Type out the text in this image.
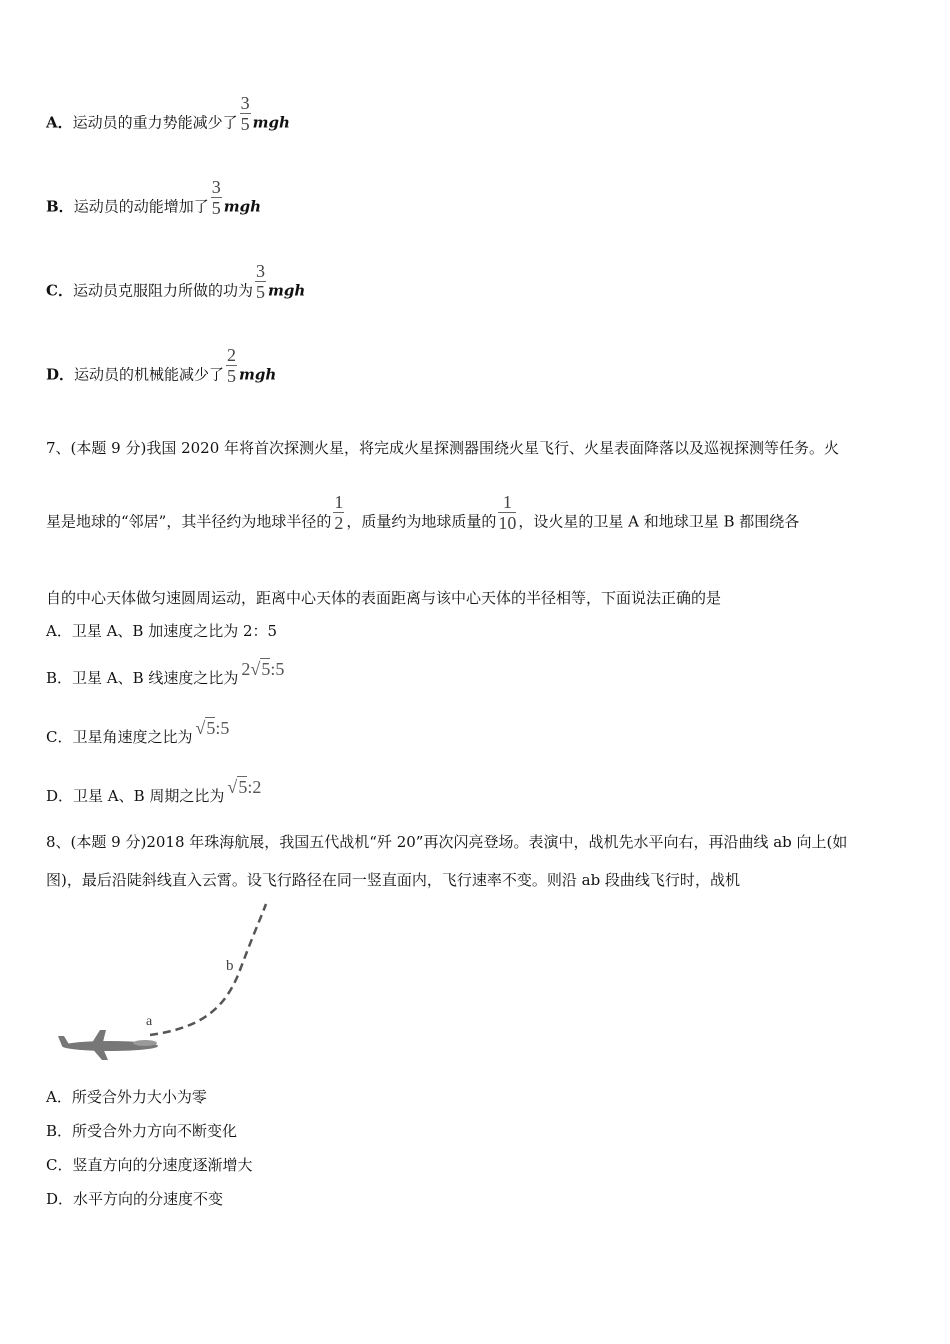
A．运动员的重力势能减少了 $\frac{3}{5}$ mgh
B．运动员的动能增加了 $\frac{3}{5}$ mgh
C．运动员克服阻力所做的功为 $\frac{3}{5}$ mgh
D．运动员的机械能减少了 $\frac{2}{5}$ mgh
7、(本题 9 分)我国 2020 年将首次探测火星，将完成火星探测器围绕火星飞行、火星表面降落以及巡视探测等任务。火
星是地球的“邻居”，其半径约为地球半径的 $\frac{1}{2}$ ，质量约为地球质量的 $\frac{1}{10}$ ，设火星的卫星 A 和地球卫星 B 都围绕各
自的中心天体做匀速圆周运动，距离中心天体的表面距离与该中心天体的半径相等，下面说法正确的是
A．卫星 A、B 加速度之比为 2：5
B．卫星 A、B 线速度之比为 2√5:5
C．卫星角速度之比为 √5:5
D．卫星 A、B 周期之比为 √5:2
8、(本题 9 分)2018 年珠海航展，我国五代战机“歼 20”再次闪亮登场。表演中，战机先水平向右，再沿曲线 ab 向上(如
图)，最后沿陡斜线直入云霄。设飞行路径在同一竖直面内，飞行速率不变。则沿 ab 段曲线飞行时，战机
a
b
A．所受合外力大小为零
B．所受合外力方向不断变化
C．竖直方向的分速度逐渐增大
D．水平方向的分速度不变
